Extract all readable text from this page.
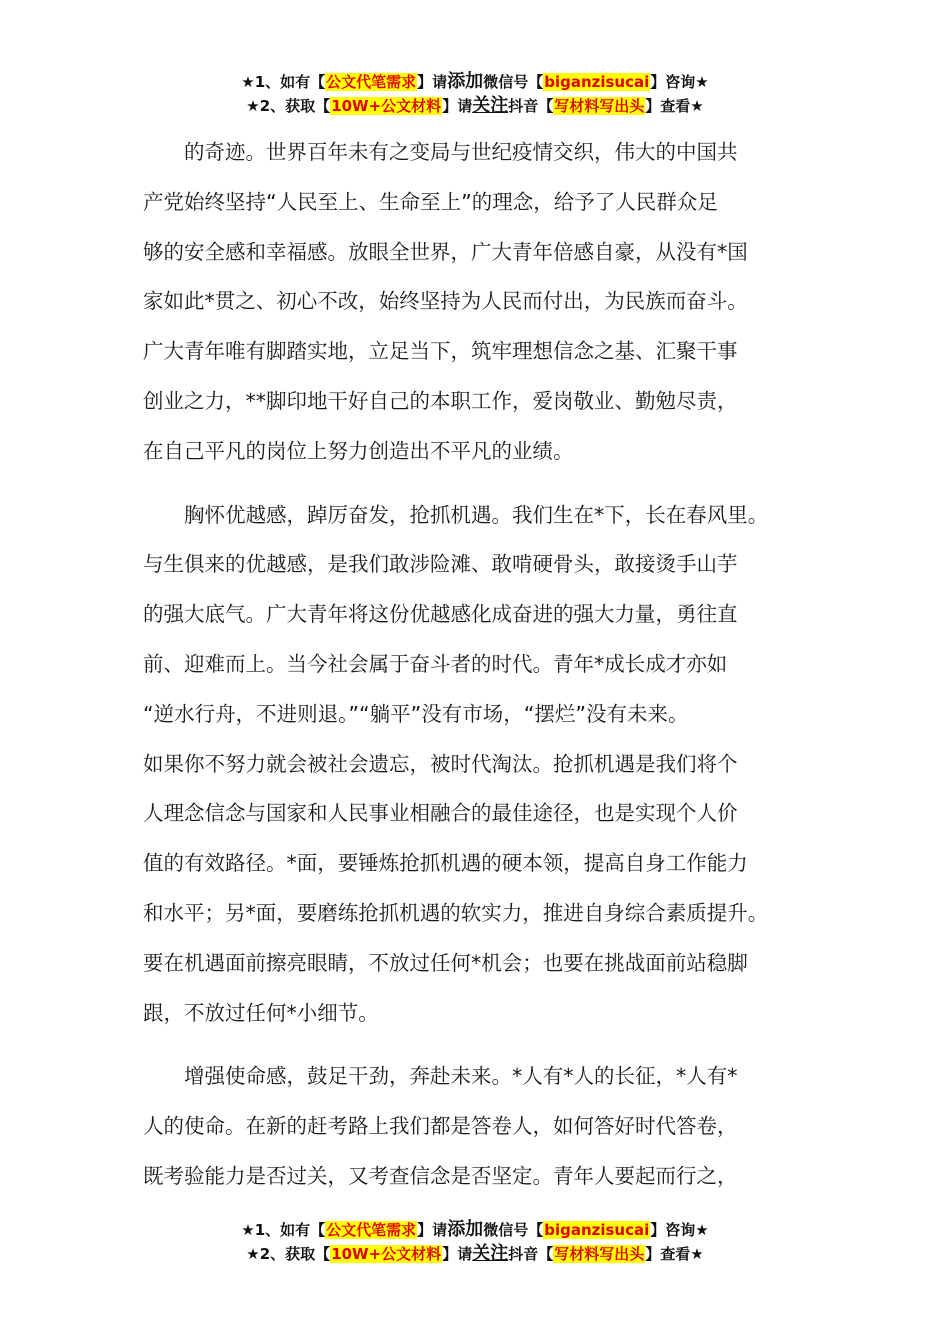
★1、如有【公文代笔需求】请添加微信号【biganzisucai】咨询★
★2、获取【10W+公文材料】请关注抖音【写材料写出头】查看★

的奇迹。世界百年未有之变局与世纪疫情交织，伟大的中国共
产党始终坚持“人民至上、生命至上”的理念，给予了人民群众足
够的安全感和幸福感。放眼全世界，广大青年倍感自豪，从没有*国
家如此*贯之、初心不改，始终坚持为人民而付出，为民族而奋斗。
广大青年唯有脚踏实地，立足当下，筑牢理想信念之基、汇聚干事
创业之力，**脚印地干好自己的本职工作，爱岗敬业、勤勉尽责，
在自己平凡的岗位上努力创造出不平凡的业绩。

胸怀优越感，踔厉奋发，抢抓机遇。我们生在*下，长在春风里。
与生俱来的优越感，是我们敢涉险滩、敢啃硬骨头，敢接烫手山芋
的强大底气。广大青年将这份优越感化成奋进的强大力量，勇往直
前、迎难而上。当今社会属于奋斗者的时代。青年*成长成才亦如
“逆水行舟，不进则退。”“躺平”没有市场，“摆烂”没有未来。
如果你不努力就会被社会遗忘，被时代淘汰。抢抓机遇是我们将个
人理念信念与国家和人民事业相融合的最佳途径，也是实现个人价
值的有效路径。*面，要锤炼抢抓机遇的硬本领，提高自身工作能力
和水平；另*面，要磨练抢抓机遇的软实力，推进自身综合素质提升。
要在机遇面前擦亮眼睛，不放过任何*机会；也要在挑战面前站稳脚
跟，不放过任何*小细节。

增强使命感，鼓足干劲，奔赴未来。*人有*人的长征，*人有*
人的使命。在新的赶考路上我们都是答卷人，如何答好时代答卷，
既考验能力是否过关，又考查信念是否坚定。青年人要起而行之，

★1、如有【公文代笔需求】请添加微信号【biganzisucai】咨询★
★2、获取【10W+公文材料】请关注抖音【写材料写出头】查看★
